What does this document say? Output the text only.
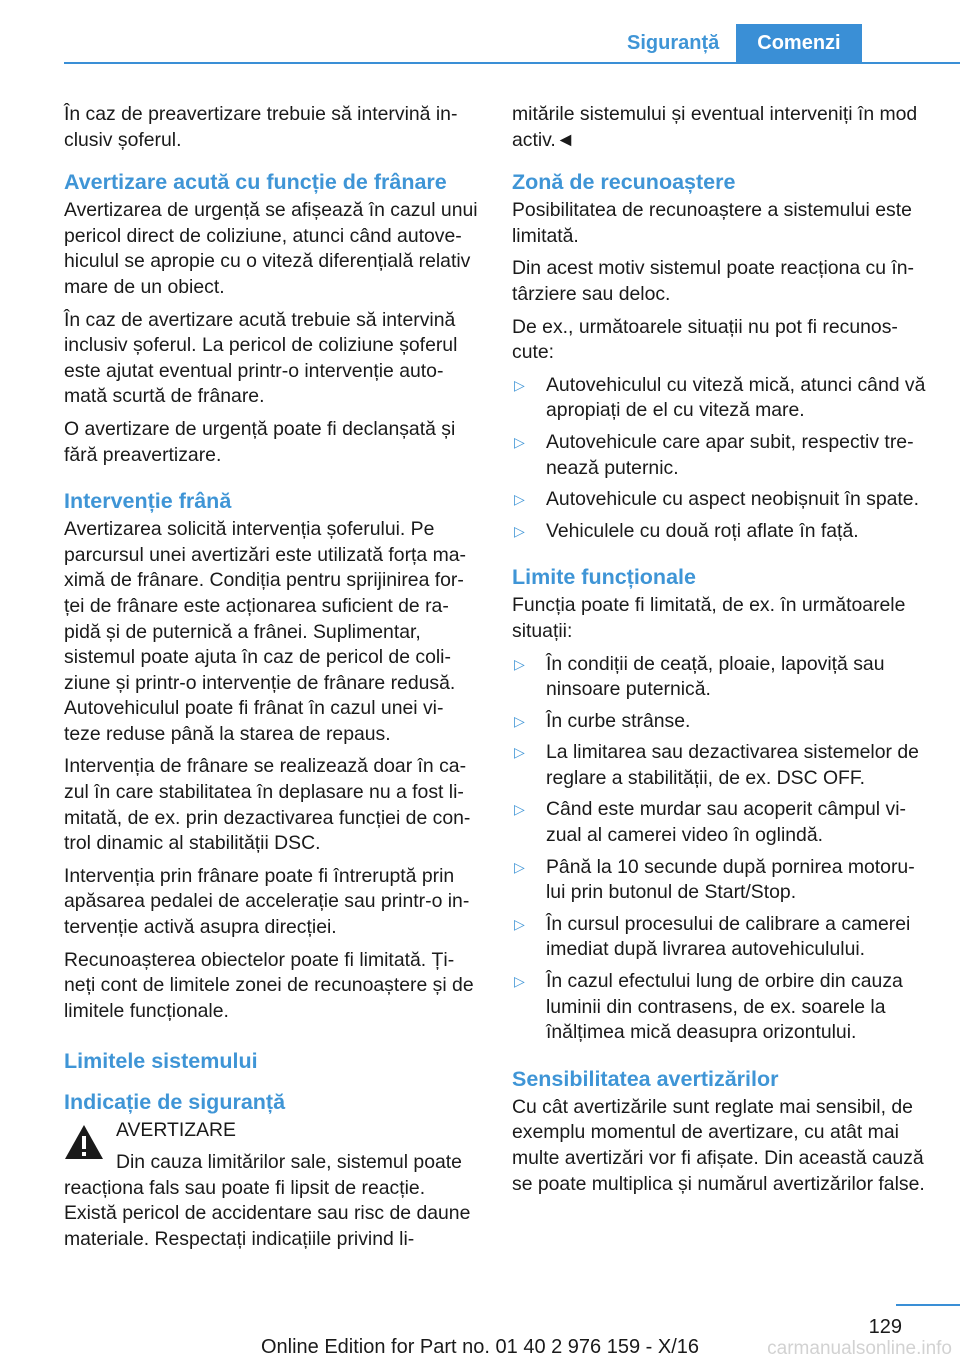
Siguranță	Comenzi

În caz de preavertizare trebuie să intervină in-clusiv șoferul.

Avertizare acută cu funcție de frânare

Avertizarea de urgență se afișează în cazul unui pericol direct de coliziune, atunci când autove-hiculul se apropie cu o viteză diferențială relativ mare de un obiect.

În caz de avertizare acută trebuie să intervină inclusiv șoferul. La pericol de coliziune șoferul este ajutat eventual printr-o intervenție auto-mată scurtă de frânare.

O avertizare de urgență poate fi declanșată și fără preavertizare.

Intervenție frână

Avertizarea solicită intervenția șoferului. Pe parcursul unei avertizări este utilizată forța ma-ximă de frânare. Condiția pentru sprijinirea for-ței de frânare este acționarea suficient de ra-pidă și de puternică a frânei. Suplimentar, sistemul poate ajuta în caz de pericol de coli-ziune și printr-o intervenție de frânare redusă. Autovehiculul poate fi frânat în cazul unei vi-teze reduse până la starea de repaus.

Intervenția de frânare se realizează doar în ca-zul în care stabilitatea în deplasare nu a fost li-mitată, de ex. prin dezactivarea funcției de con-trol dinamic al stabilității DSC.

Intervenția prin frânare poate fi întreruptă prin apăsarea pedalei de accelerație sau printr-o in-tervenție activă asupra direcției.

Recunoașterea obiectelor poate fi limitată. Ți-neți cont de limitele zonei de recunoaștere și de limitele funcționale.

Limitele sistemului
Indicație de siguranță
AVERTIZARE

Din cauza limitărilor sale, sistemul poate reacționa fals sau poate fi lipsit de reacție. Există pericol de accidentare sau risc de daune materiale. Respectați indicațiile privind li-

mitările sistemului și eventual interveniți în mod activ.◄

Zonă de recunoaștere

Posibilitatea de recunoaștere a sistemului este limitată.

Din acest motiv sistemul poate reacționa cu în-târziere sau deloc.

De ex., următoarele situații nu pot fi recunos-cute:

▷ Autovehiculul cu viteză mică, atunci când vă apropiați de el cu viteză mare.
▷ Autovehicule care apar subit, respectiv tre-nează puternic.
▷ Autovehicule cu aspect neobișnuit în spate.
▷ Vehiculele cu două roți aflate în față.
Limite funcționale

Funcția poate fi limitată, de ex. în următoarele situații:

▷ În condiții de ceață, ploaie, lapoviță sau ninsoare puternică.
▷ În curbe strânse.
▷ La limitarea sau dezactivarea sistemelor de reglare a stabilității, de ex. DSC OFF.
▷ Când este murdar sau acoperit câmpul vi-zual al camerei video în oglindă.
▷ Până la 10 secunde după pornirea motoru-lui prin butonul de Start/Stop.
▷ În cursul procesului de calibrare a camerei imediat după livrarea autovehiculului.
▷ În cazul efectului lung de orbire din cauza luminii din contrasens, de ex. soarele la înălțimea mică deasupra orizontului.
Sensibilitatea avertizărilor

Cu cât avertizările sunt reglate mai sensibil, de exemplu momentul de avertizare, cu atât mai multe avertizări vor fi afișate. Din această cauză se poate multiplica și numărul avertizărilor false.

129
Online Edition for Part no. 01 40 2 976 159 - X/16	carmanualsonline.info
